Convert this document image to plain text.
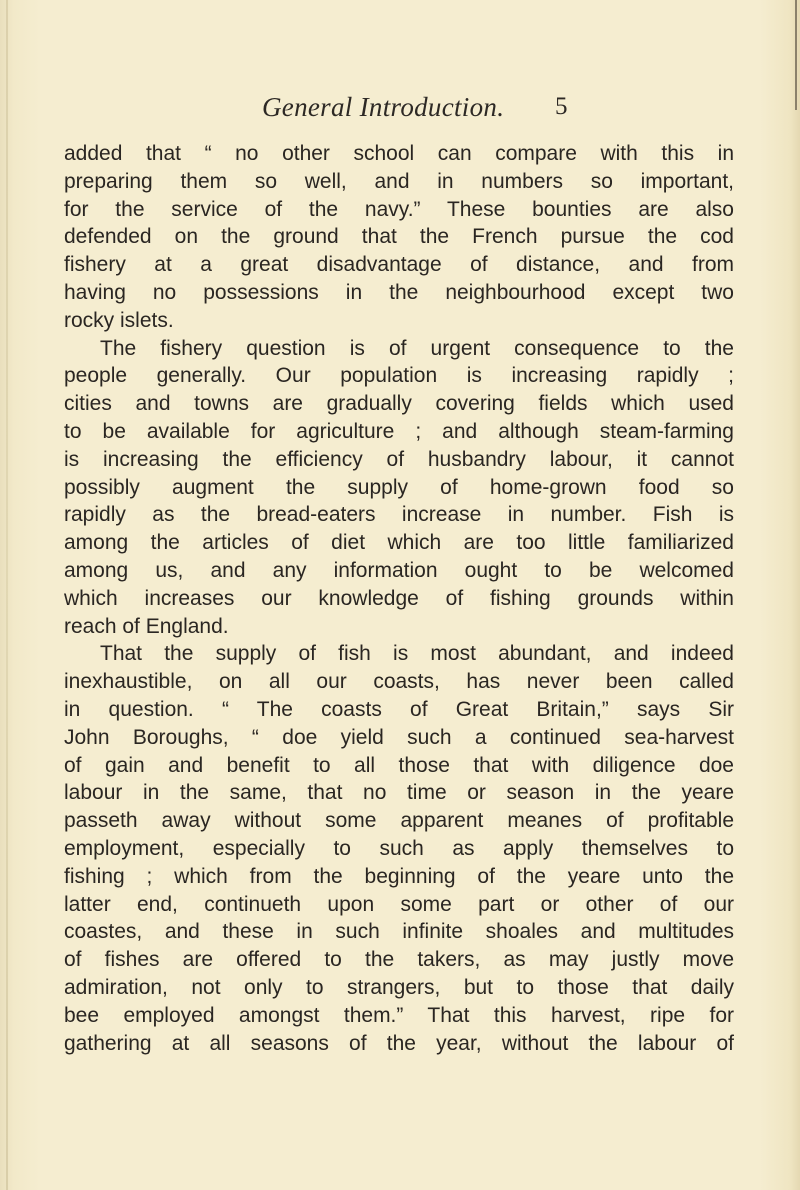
General Introduction. 5
added that “ no other school can compare with this in
preparing them so well, and in numbers so important,
for the service of the navy.” These bounties are also
defended on the ground that the French pursue the cod
fishery at a great disadvantage of distance, and from
having no possessions in the neighbourhood except two
rocky islets.
The fishery question is of urgent consequence to the
people generally. Our population is increasing rapidly ;
cities and towns are gradually covering fields which used
to be available for agriculture ; and although steam-farming
is increasing the efficiency of husbandry labour, it cannot
possibly augment the supply of home-grown food so
rapidly as the bread-eaters increase in number. Fish is
among the articles of diet which are too little familiarized
among us, and any information ought to be welcomed
which increases our knowledge of fishing grounds within
reach of England.
That the supply of fish is most abundant, and indeed
inexhaustible, on all our coasts, has never been called
in question. “ The coasts of Great Britain,” says Sir
John Boroughs, “ doe yield such a continued sea-harvest
of gain and benefit to all those that with diligence doe
labour in the same, that no time or season in the yeare
passeth away without some apparent meanes of profitable
employment, especially to such as apply themselves to
fishing ; which from the beginning of the yeare unto the
latter end, continueth upon some part or other of our
coastes, and these in such infinite shoales and multitudes
of fishes are offered to the takers, as may justly move
admiration, not only to strangers, but to those that daily
bee employed amongst them.” That this harvest, ripe for
gathering at all seasons of the year, without the labour of
